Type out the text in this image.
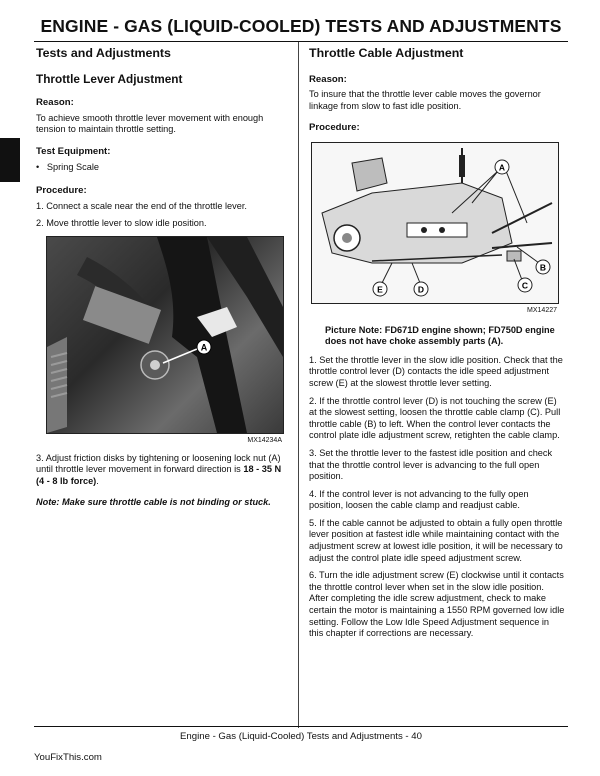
ENGINE - GAS (LIQUID-COOLED) TESTS AND ADJUSTMENTS
Tests and Adjustments
Throttle Lever Adjustment
Reason:
To achieve smooth throttle lever movement with enough tension to maintain throttle setting.
Test Equipment:
•   Spring Scale
Procedure:
1. Connect a scale near the end of the throttle lever.
2. Move throttle lever to slow idle position.
A
MX14234A
3. Adjust friction disks by tightening or loosening lock nut (A) until throttle lever movement in forward direction is 18 - 35 N (4 - 8 lb force).
Note: Make sure throttle cable is not binding or stuck.
Throttle Cable Adjustment
Reason:
To insure that the throttle lever cable moves the governor linkage from slow to fast idle position.
Procedure:
A
B
C
D
E
MX14227
Picture Note: FD671D engine shown; FD750D engine does not have choke assembly parts (A).
1. Set the throttle lever in the slow idle position. Check that the throttle control lever (D) contacts the idle speed adjustment screw (E) at the slowest throttle lever setting.
2. If the throttle control lever (D) is not touching the screw (E) at the slowest setting, loosen the throttle cable clamp (C). Pull throttle cable (B) to left. When the control lever contacts the control plate idle adjustment screw, retighten the cable clamp.
3. Set the throttle lever to the fastest idle position and check that the throttle control lever is advancing to the full open position.
4. If the control lever is not advancing to the fully open position, loosen the cable clamp and readjust cable.
5. If the cable cannot be adjusted to obtain a fully open throttle lever position at fastest idle while maintaining contact with the adjustment screw at lowest idle position, it will be necessary to adjust the control plate idle speed adjustment screw.
6. Turn the idle adjustment screw (E) clockwise until it contacts the throttle control lever when set in the slow idle position. After completing the idle screw adjustment, check to make certain the motor is maintaining a 1550 RPM governed low idle setting. Follow the Low Idle Speed Adjustment sequence in this chapter if corrections are necessary.
Engine - Gas (Liquid-Cooled) Tests and Adjustments - 40
YouFixThis.com
